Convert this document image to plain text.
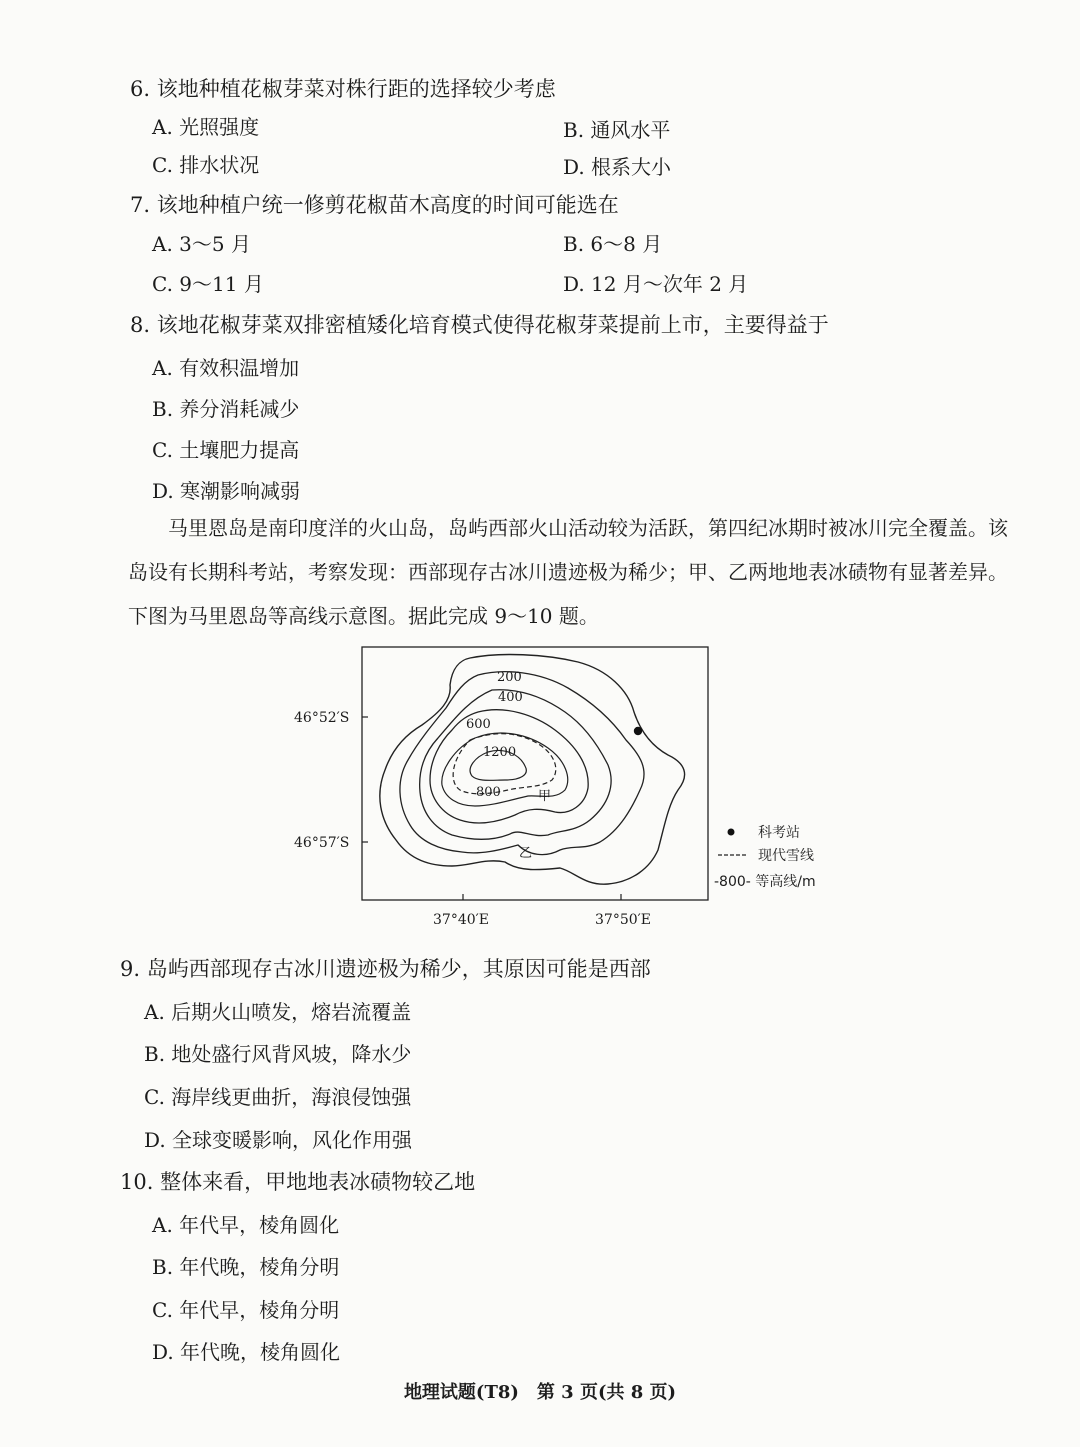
6. 该地种植花椒芽菜对株行距的选择较少考虑
A. 光照强度	B. 通风水平
C. 排水状况	D. 根系大小
7. 该地种植户统一修剪花椒苗木高度的时间可能选在
A. 3～5 月	B. 6～8 月
C. 9～11 月	D. 12 月～次年 2 月
8. 该地花椒芽菜双排密植矮化培育模式使得花椒芽菜提前上市，主要得益于
A. 有效积温增加
B. 养分消耗减少
C. 土壤肥力提高
D. 寒潮影响减弱

马里恩岛是南印度洋的火山岛，岛屿西部火山活动较为活跃，第四纪冰期时被冰川完全覆盖。该岛设有长期科考站，考察发现：西部现存古冰川遗迹极为稀少；甲、乙两地地表冰碛物有显著差异。下图为马里恩岛等高线示意图。据此完成 9～10 题。

200
400
600
1200
800	甲
乙
46°52′S
46°57′S
37°40′E	37°50′E
科考站
现代雪线
-800- 等高线/m
9. 岛屿西部现存古冰川遗迹极为稀少，其原因可能是西部
A. 后期火山喷发，熔岩流覆盖
B. 地处盛行风背风坡，降水少
C. 海岸线更曲折，海浪侵蚀强
D. 全球变暖影响，风化作用强
10. 整体来看，甲地地表冰碛物较乙地
A. 年代早，棱角圆化
B. 年代晚，棱角分明
C. 年代早，棱角分明
D. 年代晚，棱角圆化
地理试题(T8)　第 3 页(共 8 页)
